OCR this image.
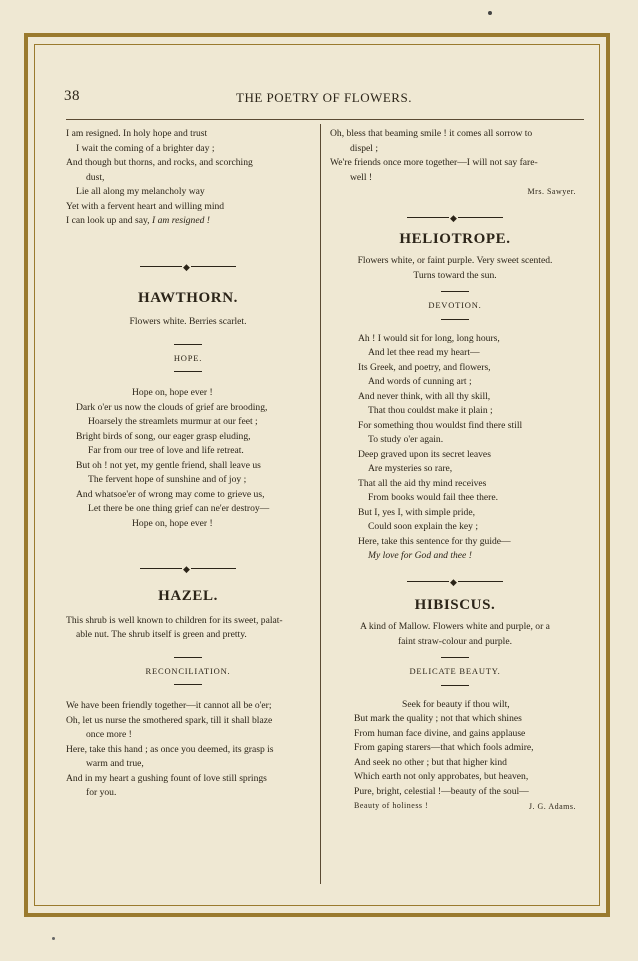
38	THE POETRY OF FLOWERS.
I am resigned. In holy hope and trust
I wait the coming of a brighter day ;
And though but thorns, and rocks, and scorching
dust,
Lie all along my melancholy way
Yet with a fervent heart and willing mind
I can look up and say, I am resigned !
◆
HAWTHORN.
Flowers white. Berries scarlet.
HOPE.
Hope on, hope ever !
Dark o'er us now the clouds of grief are brooding,
Hoarsely the streamlets murmur at our feet ;
Bright birds of song, our eager grasp eluding,
Far from our tree of love and life retreat.
But oh ! not yet, my gentle friend, shall leave us
The fervent hope of sunshine and of joy ;
And whatsoe'er of wrong may come to grieve us,
Let there be one thing grief can ne'er destroy—
Hope on, hope ever !
◆
HAZEL.
This shrub is well known to children for its sweet, palat-
able nut. The shrub itself is green and pretty.
RECONCILIATION.
We have been friendly together—it cannot all be o'er;
Oh, let us nurse the smothered spark, till it shall blaze
once more !
Here, take this hand ; as once you deemed, its grasp is
warm and true,
And in my heart a gushing fount of love still springs
for you.
Oh, bless that beaming smile ! it comes all sorrow to
dispel ;
We're friends once more together—I will not say fare-
well !
Mrs. Sawyer.
◆
HELIOTROPE.
Flowers white, or faint purple. Very sweet scented.
Turns toward the sun.
DEVOTION.
Ah ! I would sit for long, long hours,
And let thee read my heart—
Its Greek, and poetry, and flowers,
And words of cunning art ;
And never think, with all thy skill,
That thou couldst make it plain ;
For something thou wouldst find there still
To study o'er again.
Deep graved upon its secret leaves
Are mysteries so rare,
That all the aid thy mind receives
From books would fail thee there.
But I, yes I, with simple pride,
Could soon explain the key ;
Here, take this sentence for thy guide—
My love for God and thee !
◆
HIBISCUS.
A kind of Mallow. Flowers white and purple, or a
faint straw-colour and purple.
DELICATE BEAUTY.
Seek for beauty if thou wilt,
But mark the quality ; not that which shines
From human face divine, and gains applause
From gaping starers—that which fools admire,
And seek no other ; but that higher kind
Which earth not only approbates, but heaven,
Pure, bright, celestial !—beauty of the soul—
Beauty of holiness !	J. G. Adams.
